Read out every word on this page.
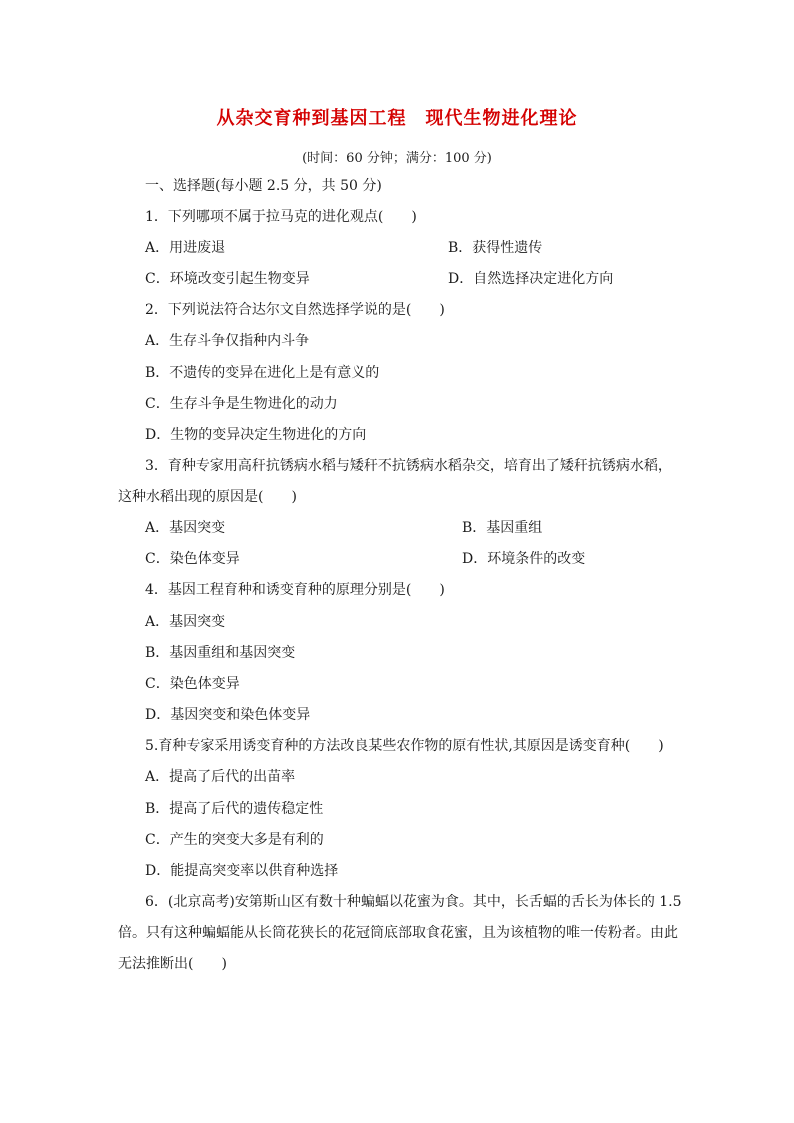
从杂交育种到基因工程　现代生物进化理论
(时间：60 分钟；满分：100 分)
一、选择题(每小题 2.5 分，共 50 分)
1．下列哪项不属于拉马克的进化观点(　　)
A．用进废退	B．获得性遗传
C．环境改变引起生物变异	D．自然选择决定进化方向
2．下列说法符合达尔文自然选择学说的是(　　)
A．生存斗争仅指种内斗争
B．不遗传的变异在进化上是有意义的
C．生存斗争是生物进化的动力
D．生物的变异决定生物进化的方向
3．育种专家用高秆抗锈病水稻与矮秆不抗锈病水稻杂交，培育出了矮秆抗锈病水稻，
这种水稻出现的原因是(　　)
A．基因突变	B．基因重组
C．染色体变异	D．环境条件的改变
4．基因工程育种和诱变育种的原理分别是(　　)
A．基因突变
B．基因重组和基因突变
C．染色体变异
D．基因突变和染色体变异
5.育种专家采用诱变育种的方法改良某些农作物的原有性状,其原因是诱变育种(　　)
A．提高了后代的出苗率
B．提高了后代的遗传稳定性
C．产生的突变大多是有利的
D．能提高突变率以供育种选择
6．(北京高考)安第斯山区有数十种蝙蝠以花蜜为食。其中，长舌蝠的舌长为体长的 1.5
倍。只有这种蝙蝠能从长筒花狭长的花冠筒底部取食花蜜，且为该植物的唯一传粉者。由此
无法推断出(　　)
